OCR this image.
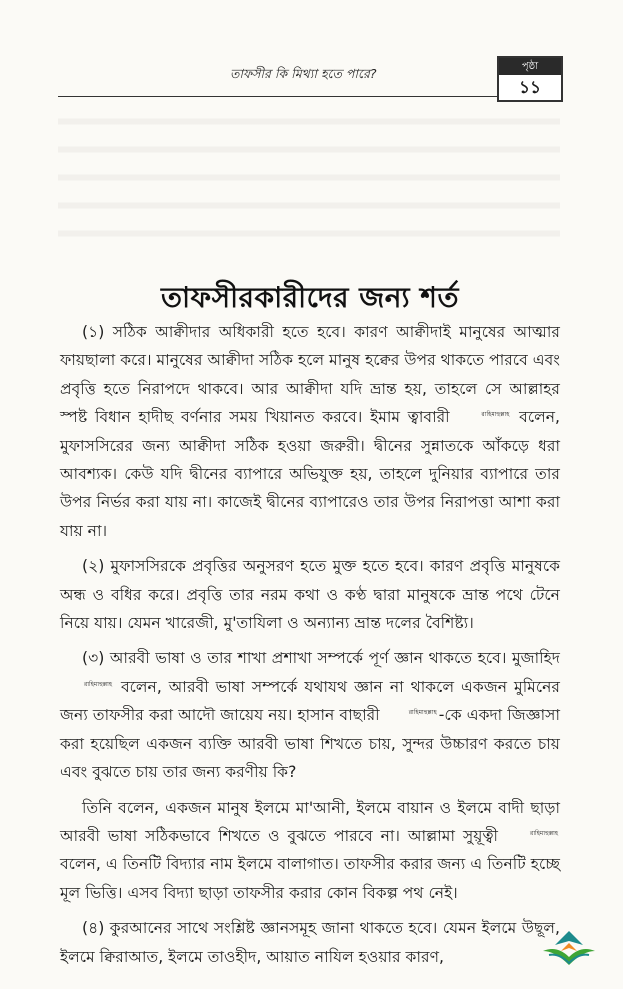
তাফসীর কি মিথ্যা হতে পারে?	পৃষ্ঠা
১১
তাফসীরকারীদের জন্য শর্ত

(১) সঠিক আক্বীদার অধিকারী হতে হবে। কারণ আক্বীদাই মানুষের আত্মার ফায়ছালা করে। মানুষের আক্বীদা সঠিক হলে মানুষ হক্বের উপর থাকতে পারবে এবং প্রবৃত্তি হতে নিরাপদে থাকবে। আর আক্বীদা যদি ভ্রান্ত হয়, তাহলে সে আল্লাহর স্পষ্ট বিধান হাদীছ বর্ণনার সময় খিয়ানত করবে। ইমাম ত্বাবারী	রাহিমাহুল্লাহ বলেন, মুফাসসিরের জন্য আক্বীদা সঠিক হওয়া জরুরী। দ্বীনের সুন্নাতকে আঁকড়ে ধরা আবশ্যক। কেউ যদি দ্বীনের ব্যাপারে অভিযুক্ত হয়, তাহলে দুনিয়ার ব্যাপারে তার উপর নির্ভর করা যায় না। কাজেই দ্বীনের ব্যাপারেও তার উপর নিরাপত্তা আশা করা যায় না।

(২) মুফাসসিরকে প্রবৃত্তির অনুসরণ হতে মুক্ত হতে হবে। কারণ প্রবৃত্তি মানুষকে অন্ধ ও বধির করে। প্রবৃত্তি তার নরম কথা ও কণ্ঠ দ্বারা মানুষকে ভ্রান্ত পথে টেনে নিয়ে যায়। যেমন খারেজী, মু'তাযিলা ও অন্যান্য ভ্রান্ত দলের বৈশিষ্ট্য।

(৩) আরবী ভাষা ও তার শাখা প্রশাখা সম্পর্কে পূর্ণ জ্ঞান থাকতে হবে। মুজাহিদ রাহিমাহুল্লাহ বলেন, আরবী ভাষা সম্পর্কে যথাযথ জ্ঞান না থাকলে একজন মুমিনের জন্য তাফসীর করা আদৌ জায়েয নয়। হাসান বাছারী	রাহিমাহুল্লাহ -কে একদা জিজ্ঞাসা করা হয়েছিল একজন ব্যক্তি আরবী ভাষা শিখতে চায়, সুন্দর উচ্চারণ করতে চায় এবং বুঝতে চায় তার জন্য করণীয় কি?

তিনি বলেন, একজন মানুষ ইলমে মা'আনী, ইলমে বায়ান ও ইলমে বাদী ছাড়া আরবী ভাষা সঠিকভাবে শিখতে ও বুঝতে পারবে না। আল্লামা সুয়ূত্বী	রাহিমাহুল্লাহ বলেন, এ তিনটি বিদ্যার নাম ইলমে বালাগাত। তাফসীর করার জন্য এ তিনটি হচ্ছে মূল ভিত্তি। এসব বিদ্যা ছাড়া তাফসীর করার কোন বিকল্প পথ নেই।

(৪) কুরআনের সাথে সংশ্লিষ্ট জ্ঞানসমূহ জানা থাকতে হবে। যেমন ইলমে উছূল, ইলমে ক্বিরাআত, ইলমে তাওহীদ, আয়াত নাযিল হওয়ার কারণ,
